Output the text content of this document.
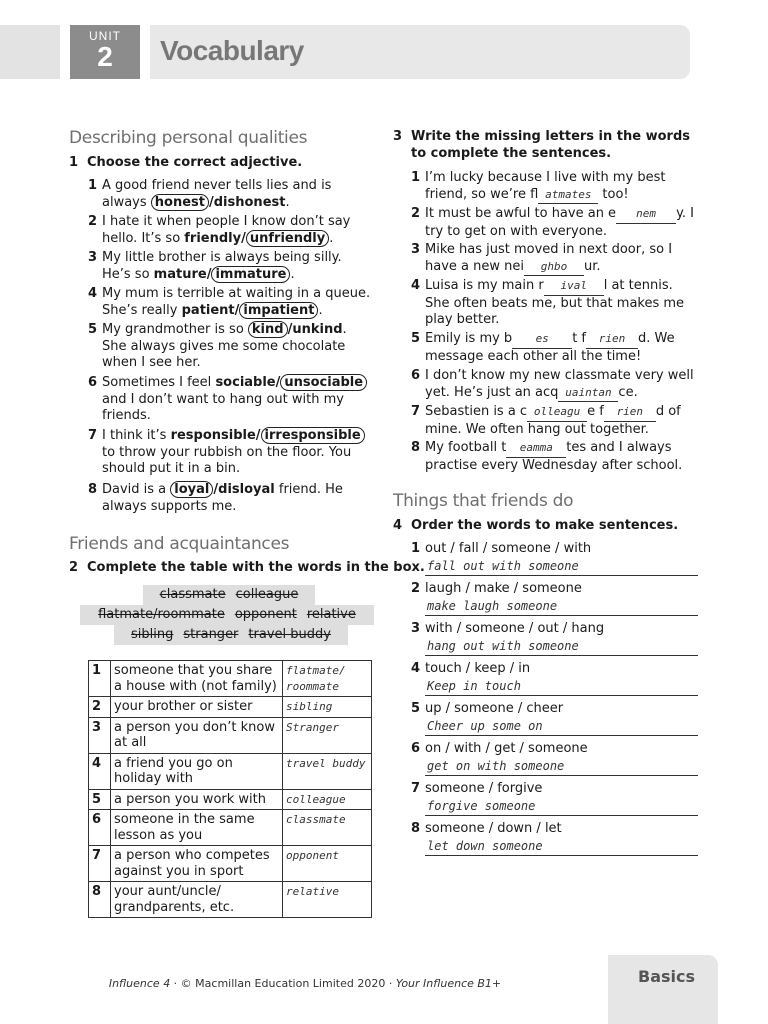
UNIT
2	Vocabulary
Describing personal qualities
1 Choose the correct adjective.
1 A good friend never tells lies and is always honest /dishonest.
2 I hate it when people I know don’t say hello. It’s so friendly/ unfriendly .
3 My little brother is always being silly. He’s so mature/ immature .
4 My mum is terrible at waiting in a queue. She’s really patient/ impatient .
5 My grandmother is so kind /unkind. She always gives me some chocolate when I see her.
6 Sometimes I feel sociable/ unsociable and I don’t want to hang out with my friends.
7 I think it’s responsible/ irresponsible to throw your rubbish on the floor. You should put it in a bin.
8 David is a loyal /disloyal friend. He always supports me.
Friends and acquaintances
2 Complete the table with the words in the box.
classmate colleague
flatmate/roommate opponent relative
sibling stranger travel buddy
1	someone that you share a house with (not family)	flatmate/ roommate
2	your brother or sister	sibling
3	a person you don’t know at all	Stranger
4	a friend you go on holiday with	travel buddy
5	a person you work with	colleague
6	someone in the same lesson as you	classmate
7	a person who competes against you in sport	opponent
8	your aunt/uncle/ grandparents, etc.	relative
3 Write the missing letters in the words to complete the sentences.
1 I’m lucky because I live with my best friend, so we’re fl atmates too!
2 It must be awful to have an e nem y. I try to get on with everyone.
3 Mike has just moved in next door, so I have a new nei ghbo ur.
4 Luisa is my main r ival l at tennis. She often beats me, but that makes me play better.
5 Emily is my b es t f rien d. We message each other all the time!
6 I don’t know my new classmate very well yet. He’s just an acq uaintan ce.
7 Sebastien is a c olleagu e f rien d of mine. We often hang out together.
8 My football t eamma tes and I always practise every Wednesday after school.
Things that friends do
4 Order the words to make sentences.
1 out / fall / someone / with
fall out with someone
2 laugh / make / someone
make laugh someone
3 with / someone / out / hang
hang out with someone
4 touch / keep / in
Keep in touch
5 up / someone / cheer
Cheer up some on
6 on / with / get / someone
get on with someone
7 someone / forgive
forgive someone
8 someone / down / let
let down someone
Influence 4 · © Macmillan Education Limited 2020 · Your Influence B1+	Basics
